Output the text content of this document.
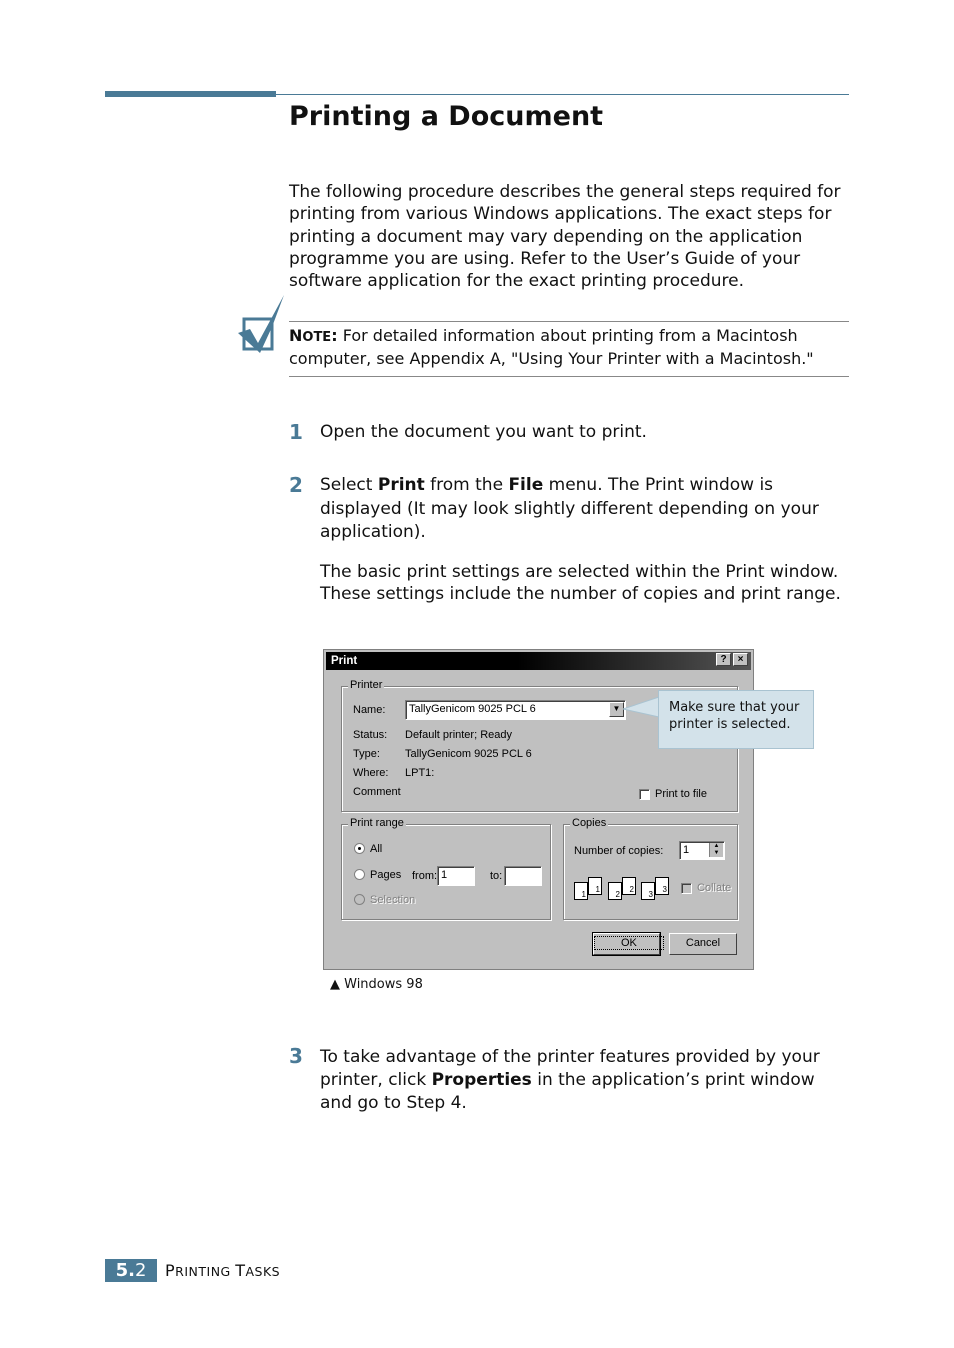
Printing a Document

The following procedure describes the general steps required for printing from various Windows applications. The exact steps for printing a document may vary depending on the application programme you are using. Refer to the User’s Guide of your software application for the exact printing procedure.

NOTE: For detailed information about printing from a Macintosh computer, see Appendix A, "Using Your Printer with a Macintosh."
1 Open the document you want to print.

2 Select Print from the File menu. The Print window is displayed (It may look slightly different depending on your application).

The basic print settings are selected within the Print window. These settings include the number of copies and print range.

Print	?	×
Printer
Name:	TallyGenicom 9025 PCL 6	▼
Status: Default printer; Ready
Type: TallyGenicom 9025 PCL 6
Where: LPT1:
Comment	Print to file
Print range
All
Pages from: 1	to:
Selection
Copies
Number of copies:	1	▲
▼
1
1
2
2
3
3	Collate
OK	Cancel
Make sure that your printer is selected.
▲ Windows 98
3 To take advantage of the printer features provided by your printer, click Properties in the application’s print window and go to Step 4.

5.2	PRINTING TASKS
